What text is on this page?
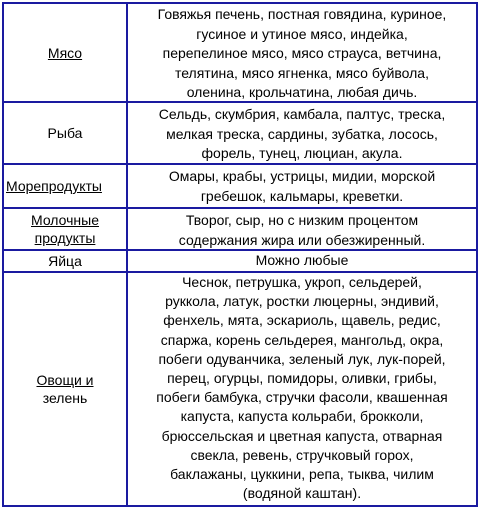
Мясо
Говяжья печень, постная говядина, куриное,
гусиное и утиное мясо, индейка,
перепелиное мясо, мясо страуса, ветчина,
телятина, мясо ягненка, мясо буйвола,
оленина, крольчатина, любая дичь.
Рыба
Сельдь, скумбрия, камбала, палтус, треска,
мелкая треска, сардины, зубатка, лосось,
форель, тунец, люциан, акула.
Морепродукты
Омары, крабы, устрицы, мидии, морской
гребешок, кальмары, креветки.
Молочные
продукты
Творог, сыр, но с низким процентом
содержания жира или обезжиренный.
Яйца	Можно любые
Овощи и
зелень
Чеснок, петрушка, укроп, сельдерей,
руккола, латук, ростки люцерны, эндивий,
фенхель, мята, эскариоль, щавель, редис,
спаржа, корень сельдерея, мангольд, окра,
побеги одуванчика, зеленый лук, лук-порей,
перец, огурцы, помидоры, оливки, грибы,
побеги бамбука, стручки фасоли, квашенная
капуста, капуста кольраби, брокколи,
брюссельская и цветная капуста, отварная
свекла, ревень, стручковый горох,
баклажаны, цуккини, репа, тыква, чилим
(водяной каштан).
